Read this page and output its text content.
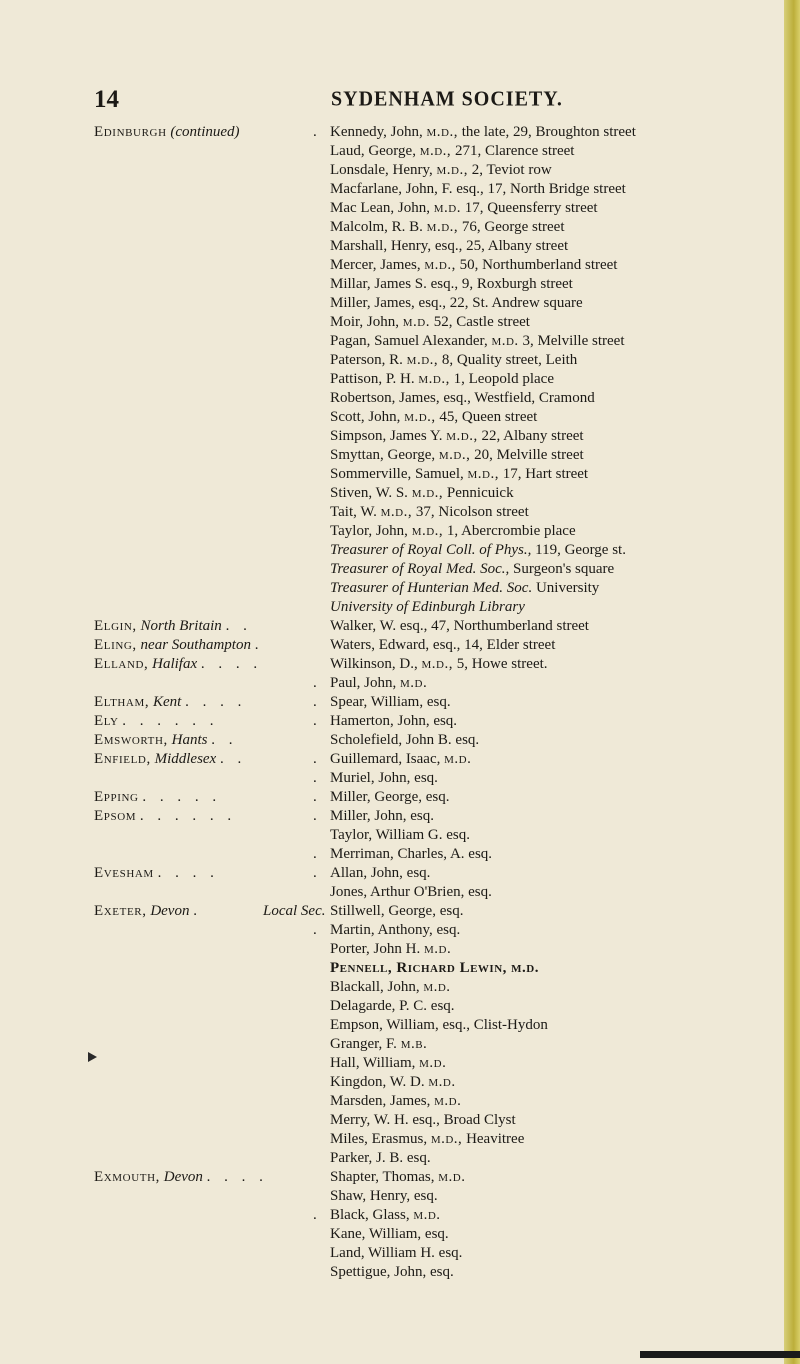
14	SYDENHAM SOCIETY.
Edinburgh (continued)
Elgin, North Britain . .
Eling, near Southampton .
Elland, Halifax . . . .
Eltham, Kent . . . .
Ely . . . . . .
Emsworth, Hants . .
Enfield, Middlesex . .
Epping . . . . .
Epsom . . . . . .
Evesham . . . .
Exeter, Devon .
Exmouth, Devon . . . .
. Kennedy, John, m.d., the late, 29, Broughton street
Laud, George, m.d., 271, Clarence street
Lonsdale, Henry, m.d., 2, Teviot row
Macfarlane, John, F. esq., 17, North Bridge street
Mac Lean, John, m.d. 17, Queensferry street
Malcolm, R. B. m.d., 76, George street
Marshall, Henry, esq., 25, Albany street
Mercer, James, m.d., 50, Northumberland street
Millar, James S. esq., 9, Roxburgh street
Miller, James, esq., 22, St. Andrew square
Moir, John, m.d. 52, Castle street
Pagan, Samuel Alexander, m.d. 3, Melville street
Paterson, R. m.d., 8, Quality street, Leith
Pattison, P. H. m.d., 1, Leopold place
Robertson, James, esq., Westfield, Cramond
Scott, John, m.d., 45, Queen street
Simpson, James Y. m.d., 22, Albany street
Smyttan, George, m.d., 20, Melville street
Sommerville, Samuel, m.d., 17, Hart street
Stiven, W. S. m.d., Pennicuick
Tait, W. m.d., 37, Nicolson street
Taylor, John, m.d., 1, Abercrombie place
Treasurer of Royal Coll. of Phys., 119, George st.
Treasurer of Royal Med. Soc., Surgeon's square
Treasurer of Hunterian Med. Soc. University
University of Edinburgh Library
Walker, W. esq., 47, Northumberland street
Waters, Edward, esq., 14, Elder street
Wilkinson, D., m.d., 5, Howe street.
. Paul, John, m.d.
. Spear, William, esq.
. Hamerton, John, esq.
Scholefield, John B. esq.
. Guillemard, Isaac, m.d.
. Muriel, John, esq.
. Miller, George, esq.
. Miller, John, esq.
Taylor, William G. esq.
. Merriman, Charles, A. esq.
. Allan, John, esq.
Jones, Arthur O'Brien, esq.
Stillwell, George, esq.
. Martin, Anthony, esq.
Porter, John H. m.d.
Pennell, Richard Lewin, m.d.
Blackall, John, m.d.
Delagarde, P. C. esq.
Empson, William, esq., Clist-Hydon
Granger, F. m.b.
Hall, William, m.d.
Kingdon, W. D. m.d.
Marsden, James, m.d.
Merry, W. H. esq., Broad Clyst
Miles, Erasmus, m.d., Heavitree
Parker, J. B. esq.
Shapter, Thomas, m.d.
Shaw, Henry, esq.
. Black, Glass, m.d.
Kane, William, esq.
Land, William H. esq.
Spettigue, John, esq.
Local Sec.
